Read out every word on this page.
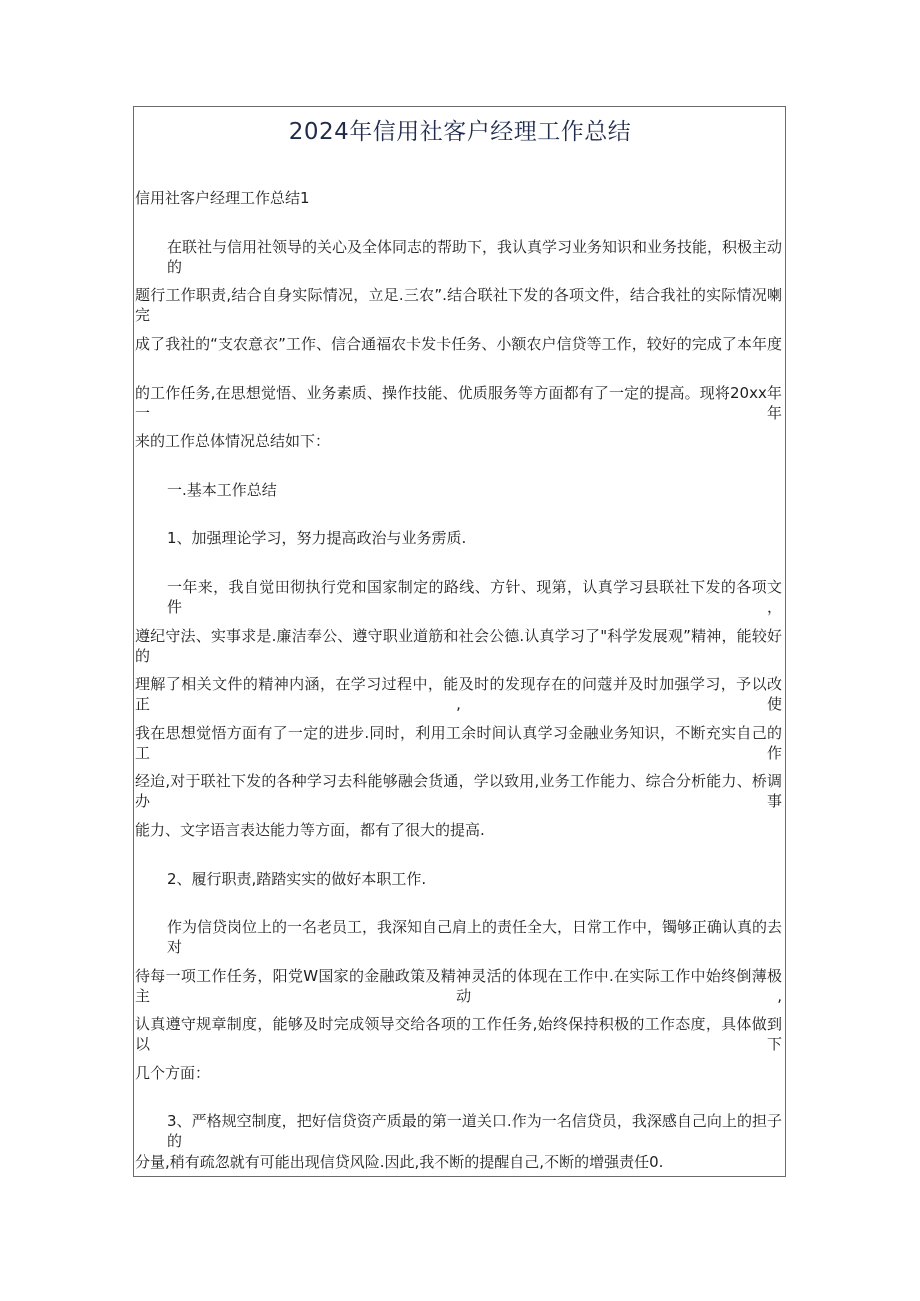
2024年信用社客户经理工作总结
信用社客户经理工作总结1
在联社与信用社领导的关心及全体同志的帮助下，我认真学习业务知识和业务技能，积极主动的
题行工作职责,结合自身实际情况，立足.三农”.结合联社下发的各项文件，结合我社的实际情况喇完
成了我社的“支农意衣”工作、信合通福农卡发卡任务、小额农户信贷等工作，较好的完成了本年度
的工作任务,在思想觉悟、业务素质、操作技能、优质服务等方面都有了一定的提高。现将20xx年一年
来的工作总体情况总结如下：
一.基本工作总结
1、加强理论学习，努力提高政治与业务雳质.
一年来，我自觉田彻执行党和国家制定的路线、方针、现第，认真学习县联社下发的各项文件，
遵纪守法、实事求是.廉洁奉公、遵守职业道筋和社会公德.认真学习了"科学发展观”精神，能较好的
理解了相关文件的精神内涵，在学习过程中，能及时的发现存在的问蔻并及时加强学习，予以改正,使
我在思想觉悟方面有了一定的进步.同时，利用工余时间认真学习金融业务知识，不断充实自己的工作
经迨,对于联社下发的各种学习去科能够融会货通，学以致用,业务工作能力、综合分析能力、桥调办事
能力、文字语言表达能力等方面，都有了很大的提高.
2、履行职责,踏踏实实的做好本职工作.
作为信贷岗位上的一名老员工，我深知自己肩上的责任全大，日常工作中，镯够正确认真的去对
待每一项工作任务，阳党W国家的金融政策及精神灵活的体现在工作中.在实际工作中始终倒薄极主动,
认真遵守规章制度，能够及时完成领导交给各项的工作任务,始终保持积极的工作态度，具体做到以下
几个方面：
3、严格规空制度，把好信贷资产质最的第一道关口.作为一名信贷员，我深感自己向上的担子的
分量,稍有疏忽就有可能出现信贷风险.因此,我不断的提醒自己,不断的增强责任0.
